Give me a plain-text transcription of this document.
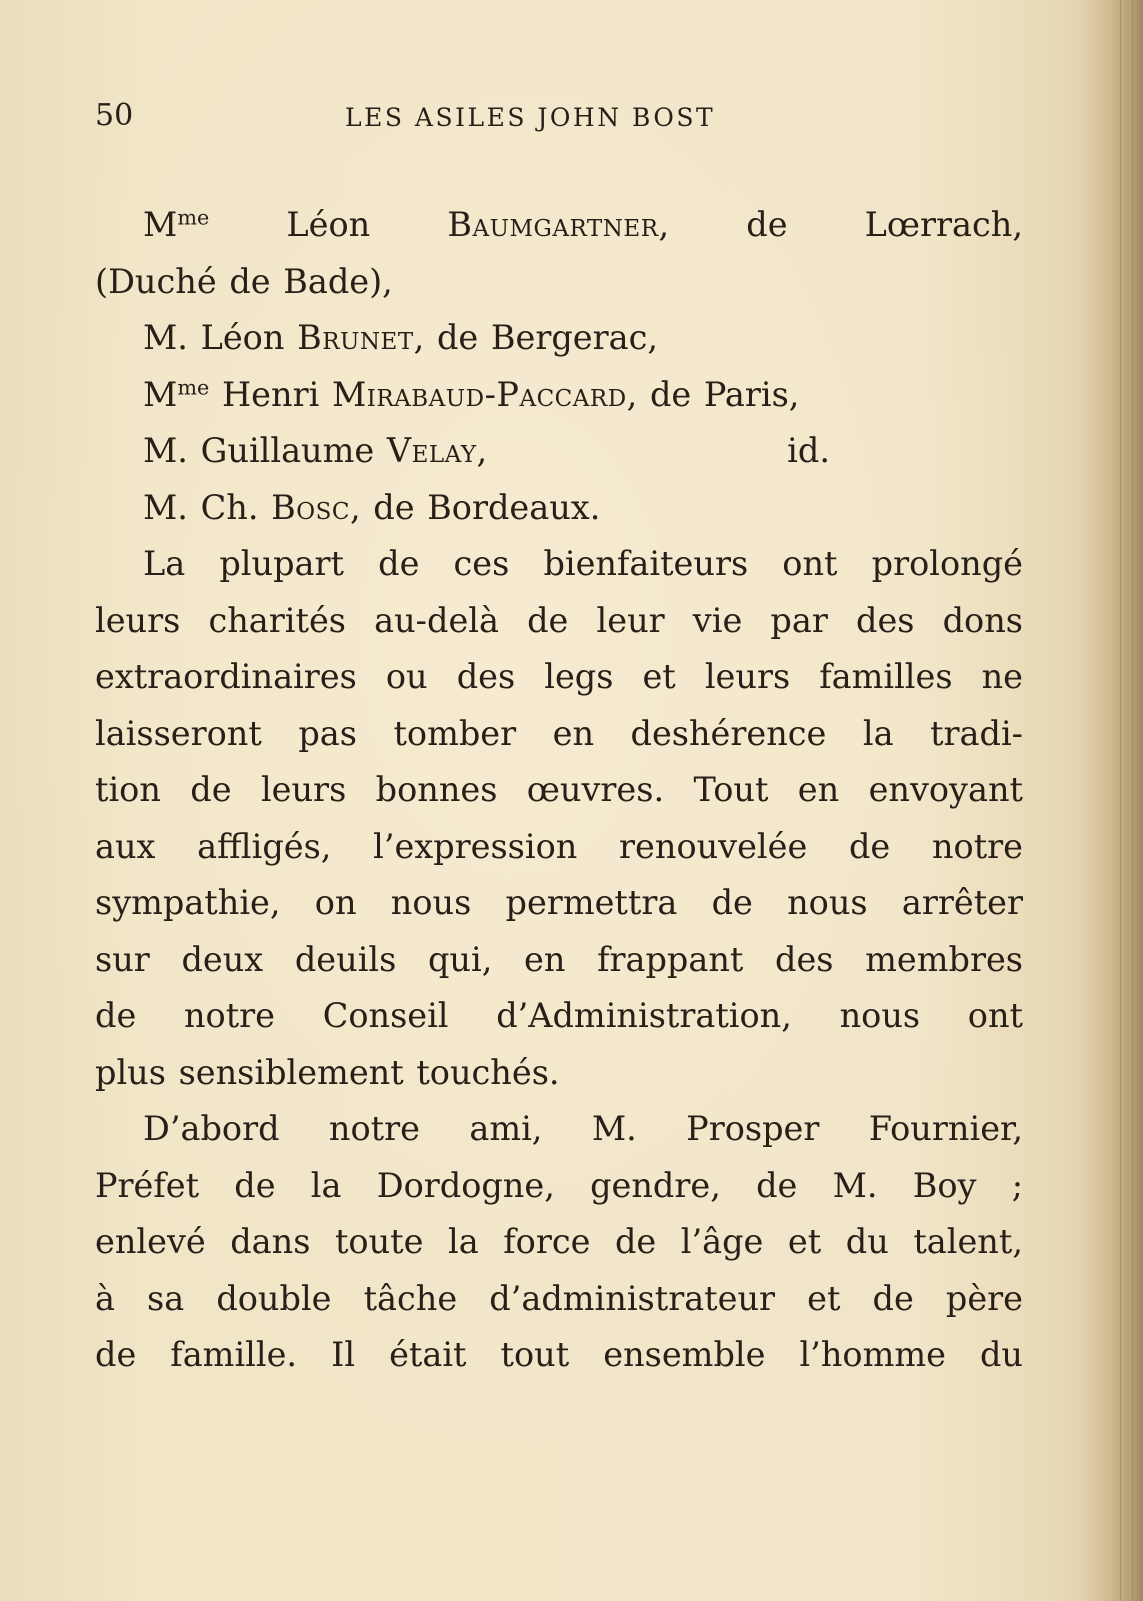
50	LES ASILES JOHN BOST
$M^{me}$ Léon Baumgartner, de Lœrrach,
(Duché de Bade),
M. Léon Brunet, de Bergerac,
$M^{me}$ Henri Mirabaud-Paccard, de Paris,
M. Guillaume Velay,	id.
M. Ch. Bosc, de Bordeaux.
La plupart de ces bienfaiteurs ont prolongé
leurs charités au-delà de leur vie par des dons
extraordinaires ou des legs et leurs familles ne
laisseront pas tomber en deshérence la tradi-
tion de leurs bonnes œuvres. Tout en envoyant
aux affligés, l’expression renouvelée de notre
sympathie, on nous permettra de nous arrêter
sur deux deuils qui, en frappant des membres
de notre Conseil d’Administration, nous ont
plus sensiblement touchés.
D’abord notre ami, M. Prosper Fournier,
Préfet de la Dordogne, gendre, de M. Boy ;
enlevé dans toute la force de l’âge et du talent,
à sa double tâche d’administrateur et de père
de famille. Il était tout ensemble l’homme du
